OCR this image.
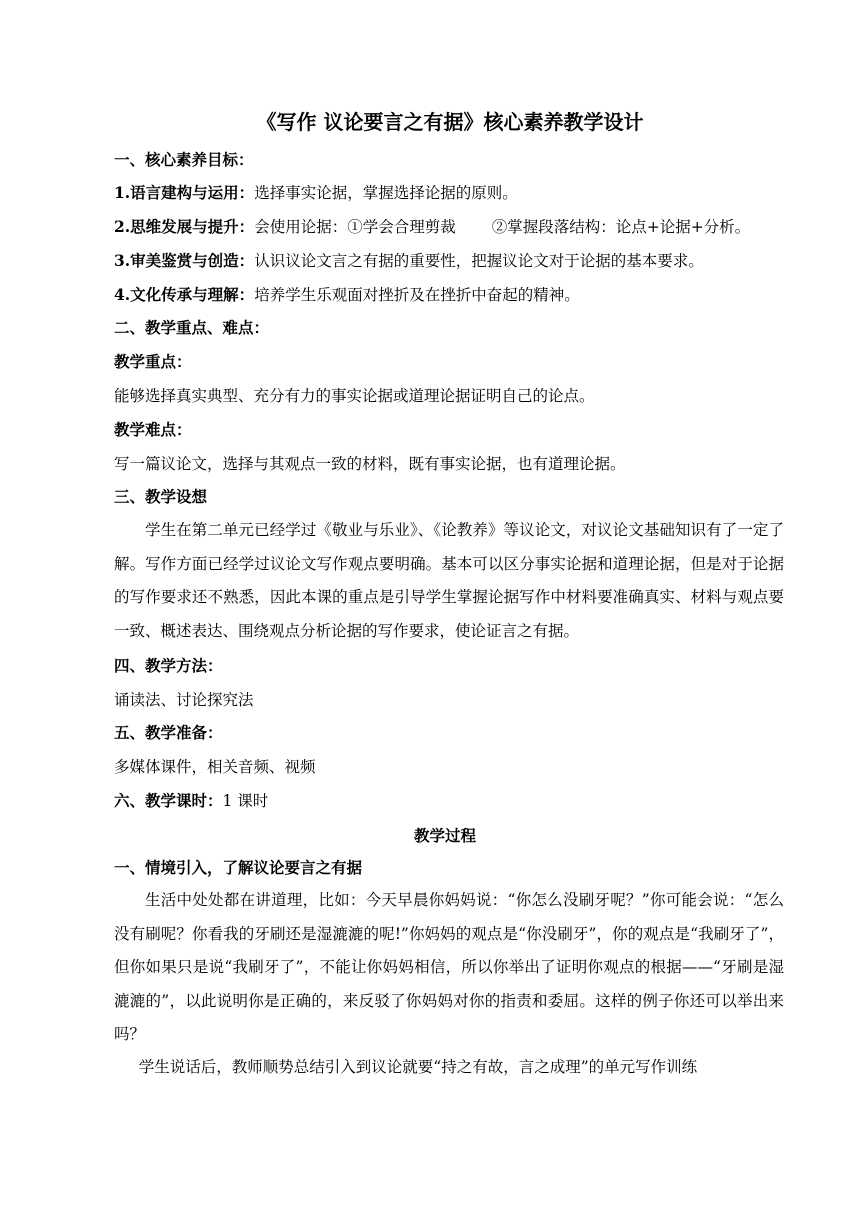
《写作 议论要言之有据》核心素养教学设计
一、核心素养目标：
1.语言建构与运用：选择事实论据，掌握选择论据的原则。
2.思维发展与提升：会使用论据：①学会合理剪裁 ②掌握段落结构：论点+论据+分析。
3.审美鉴赏与创造：认识议论文言之有据的重要性，把握议论文对于论据的基本要求。
4.文化传承与理解：培养学生乐观面对挫折及在挫折中奋起的精神。
二、教学重点、难点：
教学重点：
能够选择真实典型、充分有力的事实论据或道理论据证明自己的论点。
教学难点：
写一篇议论文，选择与其观点一致的材料，既有事实论据，也有道理论据。
三、教学设想
学生在第二单元已经学过《敬业与乐业》、《论教养》等议论文，对议论文基础知识有了一定了解。写作方面已经学过议论文写作观点要明确。基本可以区分事实论据和道理论据，但是对于论据的写作要求还不熟悉，因此本课的重点是引导学生掌握论据写作中材料要准确真实、材料与观点要一致、概述表达、围绕观点分析论据的写作要求，使论证言之有据。
四、教学方法：
诵读法、讨论探究法
五、教学准备：
多媒体课件，相关音频、视频
六、教学课时：1 课时
教学过程
一、情境引入，了解议论要言之有据
生活中处处都在讲道理，比如：今天早晨你妈妈说：“你怎么没刷牙呢？”你可能会说：“怎么没有刷呢？你看我的牙刷还是湿漉漉的呢!”你妈妈的观点是“你没刷牙”，你的观点是“我刷牙了”，但你如果只是说“我刷牙了”，不能让你妈妈相信，所以你举出了证明你观点的根据——“牙刷是湿漉漉的”，以此说明你是正确的，来反驳了你妈妈对你的指责和委屈。这样的例子你还可以举出来吗？
学生说话后，教师顺势总结引入到议论就要“持之有故，言之成理”的单元写作训练
